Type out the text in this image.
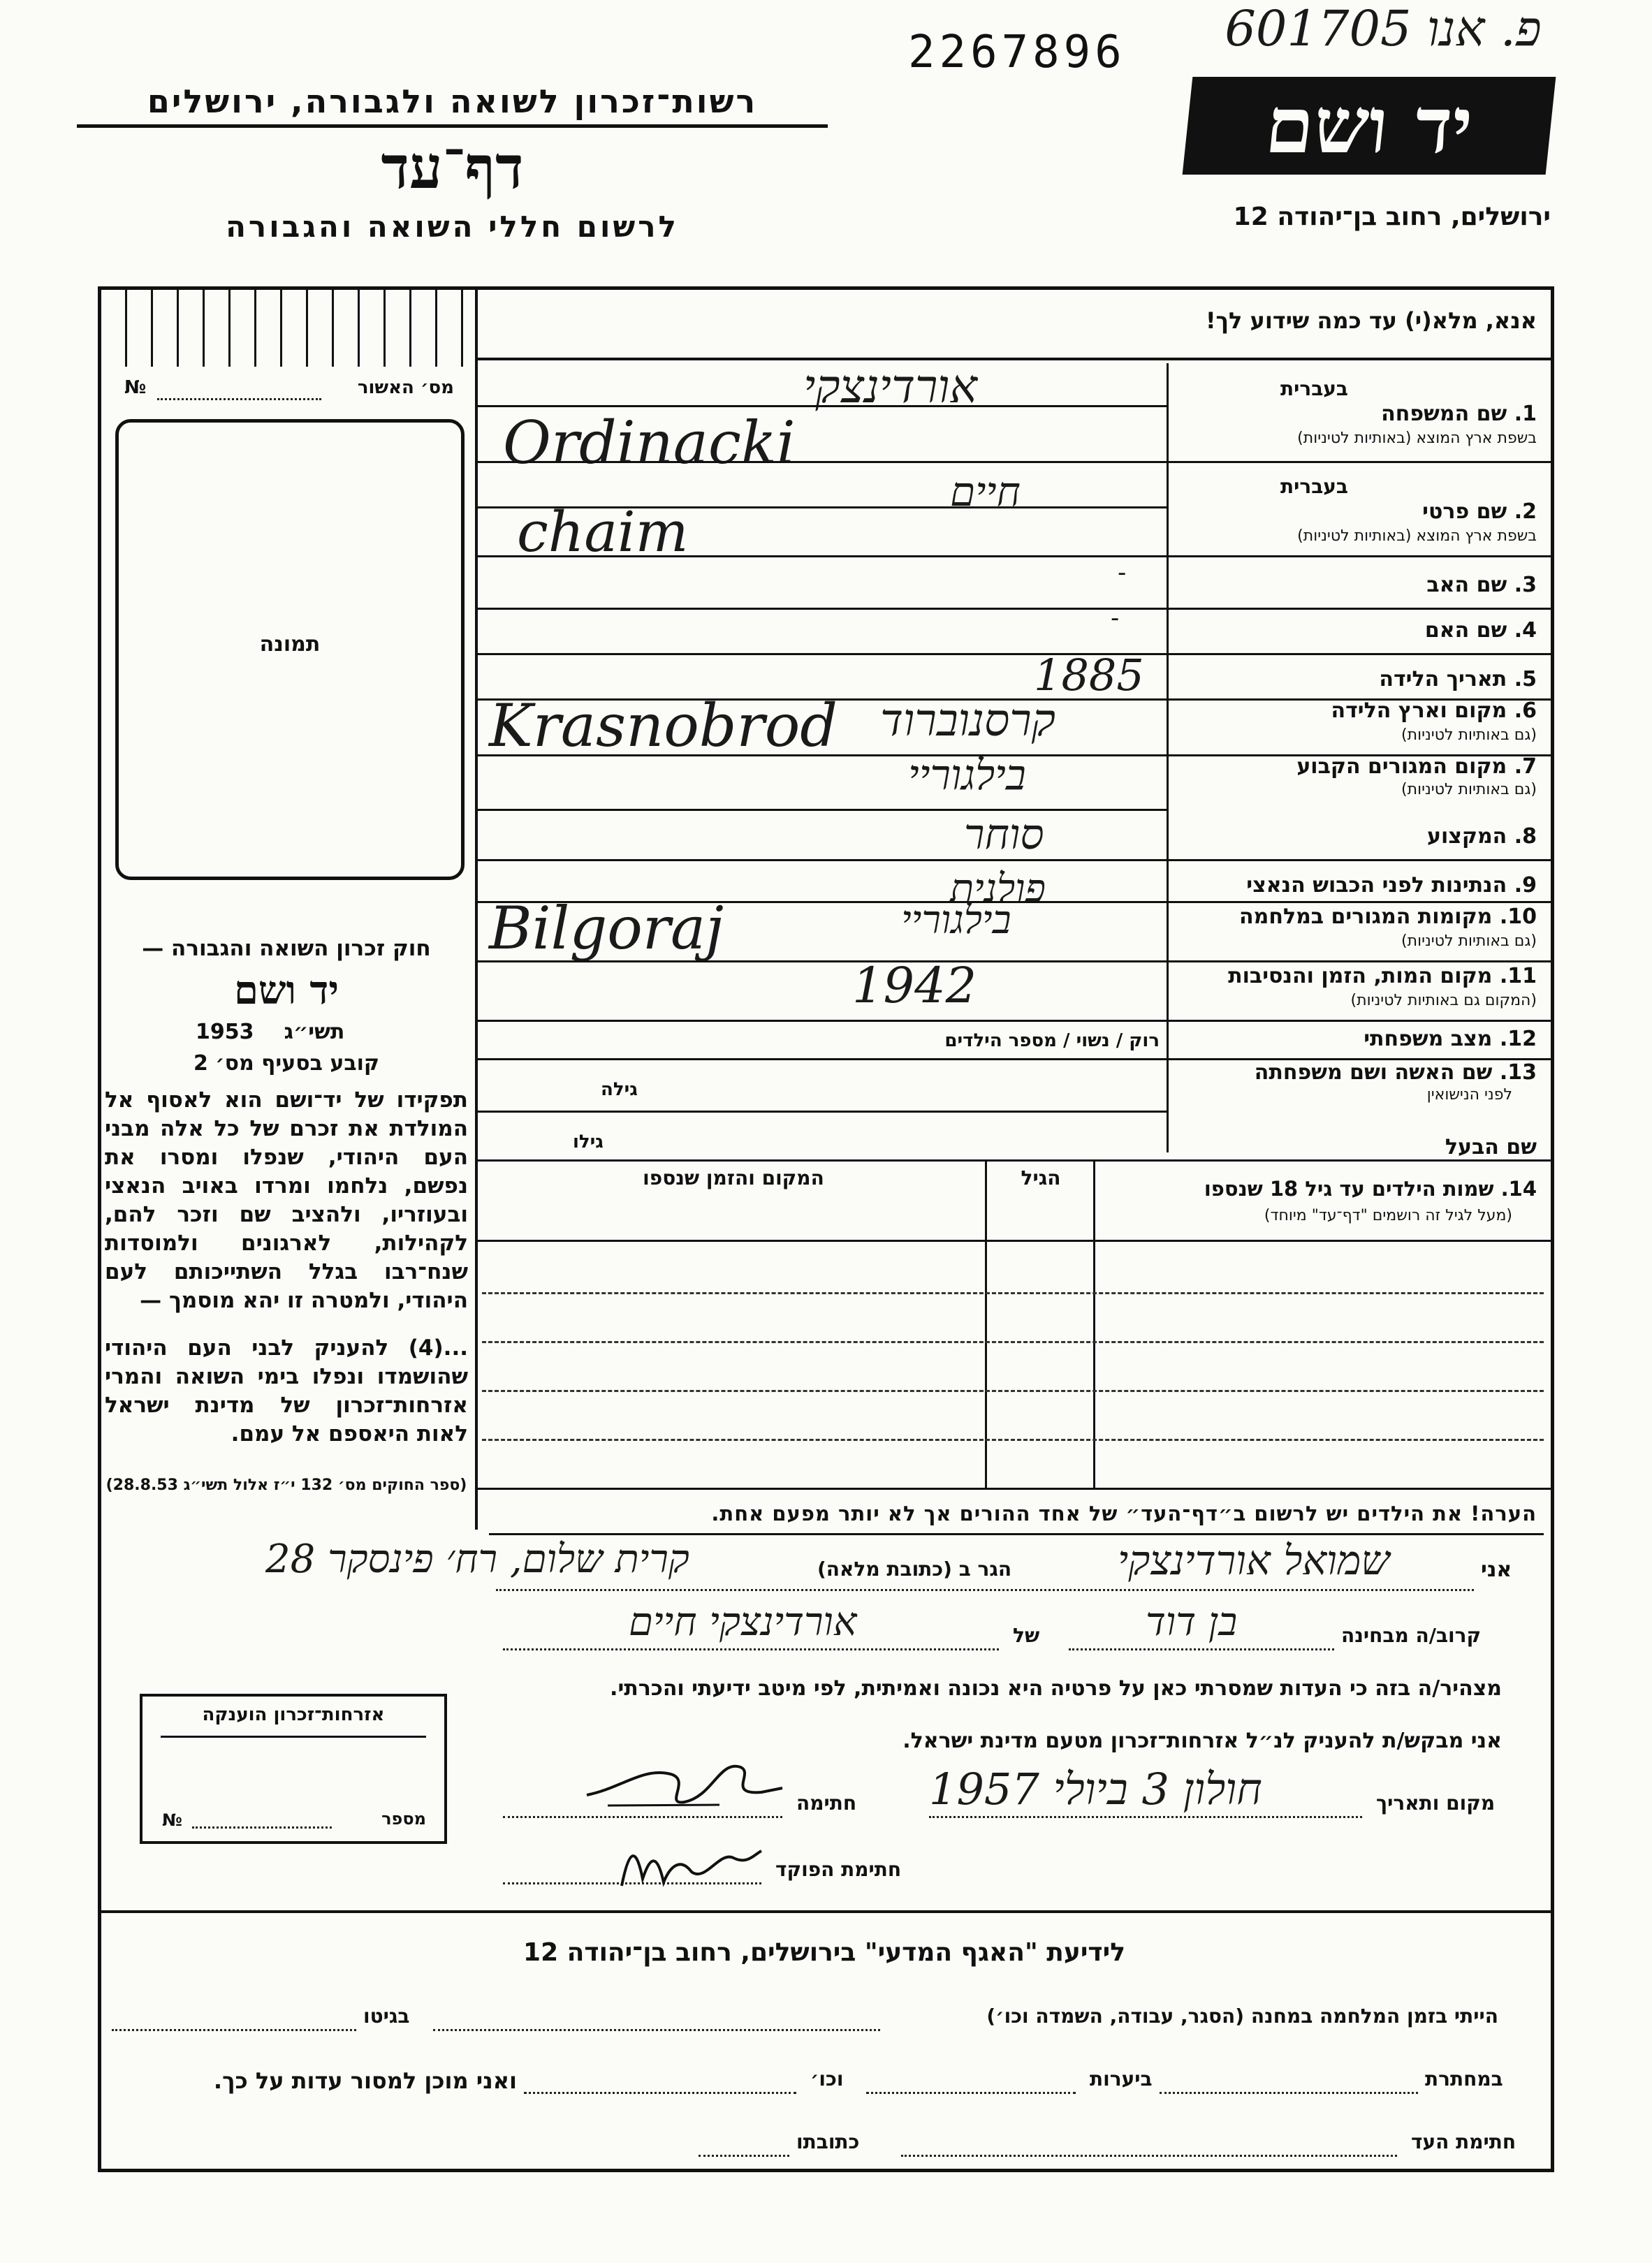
2267896 פ. אנו 601705
רשות־זכרון לשואה ולגבורה, ירושלים
דף־עד
לרשום חללי השואה והגבורה
יד ושם
ירושלים, רחוב בן־יהודה 12
אנא, מלא(י) עד כמה שידוע לך!
מס׳ האשור
№
תמונה
חוק זכרון השואה והגבורה —
יד ושם
תשי״ג
1953
קובע בסעיף מס׳ 2
תפקידו של יד־ושם הוא לאסוף אל המולדת את זכרם של כל אלה מבני העם היהודי, שנפלו ומסרו את נפשם, נלחמו ומרדו באויב הנאצי ובעוזריו, ולהציב שם וזכר להם, לקהילות, לארגונים ולמוסדות שנח־רבו בגלל השתייכותם לעם היהודי, ולמטרה זו יהא מוסמך —
...(4) להעניק לבני העם היהודי שהושמדו ונפלו בימי השואה והמרי אזרחות־זכרון של מדינת ישראל לאות היאספם אל עמם.
(ספר החוקים מס׳ 132 י״ז אלול תשי״ג 28.8.53)
אזרחות־זכרון הוענקה
מספר
№
בעברית
1. שם המשפחה
בשפת ארץ המוצא (באותיות לטיניות)
אורדינצקי
Ordinacki
בעברית
2. שם פרטי
בשפת ארץ המוצא (באותיות לטיניות)
חיים
chaim
3. שם האב
-
4. שם האם
-
5. תאריך הלידה
1885
6. מקום וארץ הלידה
(גם באותיות לטיניות)
Krasnobrod קרסנוברוד
7. מקום המגורים הקבוע
(גם באותיות לטיניות)
בילגוריי
8. המקצוע
סוחר
9. הנתינות לפני הכבוש הנאצי
פולנית
10. מקומות המגורים במלחמה
(גם באותיות לטיניות)
Bilgoraj	בילגוריי
11. מקום המות, הזמן והנסיבות
(המקום גם באותיות לטיניות)
1942
12. מצב משפחתי
רוק / נשוי / מספר הילדים
13. שם האשה ושם משפחתה
לפני הנישואין
גילה
שם הבעל
גילו
14. שמות הילדים עד גיל 18 שנספו
(מעל לגיל זה רושמים "דף־עד" מיוחד)
הגיל
המקום והזמן שנספו
הערה! את הילדים יש לרשום ב״דף־העד״ של אחד ההורים אך לא יותר מפעם אחת.
אני
שמואל אורדינצקי
הגר ב (כתובת מלאה)
קרית שלום, רח׳ פינסקר 28
קרוב/ה מבחינה
בן דוד
של
אורדינצקי חיים
מצהיר/ה בזה כי העדות שמסרתי כאן על פרטיה היא נכונה ואמיתית, לפי מיטב ידיעתי והכרתי.
אני מבקש/ת להעניק לנ״ל אזרחות־זכרון מטעם מדינת ישראל.
מקום ותאריך
חולון 3 ביולי 1957
חתימה
חתימת הפוקד
לידיעת "האגף המדעי" בירושלים, רחוב בן־יהודה 12
הייתי בזמן המלחמה במחנה (הסגר, עבודה, השמדה וכו׳)
בגיטו
במחתרת
ביערות
וכו׳
ואני מוכן למסור עדות על כך.
חתימת העד
כתובתו
